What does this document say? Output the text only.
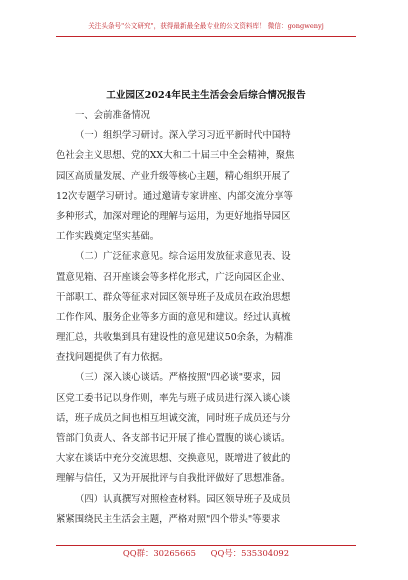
关注头条号"公文研究"，获得最新最全最专业的公文资料库！ 微信：gongwenyj
工业园区2024年民主生活会会后综合情况报告
一、会前准备情况
（一）组织学习研讨。深入学习习近平新时代中国特
色社会主义思想、党的XX大和二十届三中全会精神，聚焦
园区高质量发展、产业升级等核心主题，精心组织开展了
12次专题学习研讨。通过邀请专家讲座、内部交流分享等
多种形式，加深对理论的理解与运用，为更好地指导园区
工作实践奠定坚实基础。
（二）广泛征求意见。综合运用发放征求意见表、设
置意见箱、召开座谈会等多样化形式，广泛向园区企业、
干部职工、群众等征求对园区领导班子及成员在政治思想
工作作风、服务企业等多方面的意见和建议。经过认真梳
理汇总，共收集到具有建设性的意见建议50余条，为精准
查找问题提供了有力依据。
（三）深入谈心谈话。严格按照"四必谈"要求，园
区党工委书记以身作则，率先与班子成员进行深入谈心谈
话，班子成员之间也相互坦诚交流，同时班子成员还与分
管部门负责人、各支部书记开展了推心置腹的谈心谈话。
大家在谈话中充分交流思想、交换意见，既增进了彼此的
理解与信任，又为开展批评与自我批评做好了思想准备。
（四）认真撰写对照检查材料。园区领导班子及成员
紧紧围绕民主生活会主题，严格对照"四个带头"等要求
QQ群：30265665 QQ号：535304092
